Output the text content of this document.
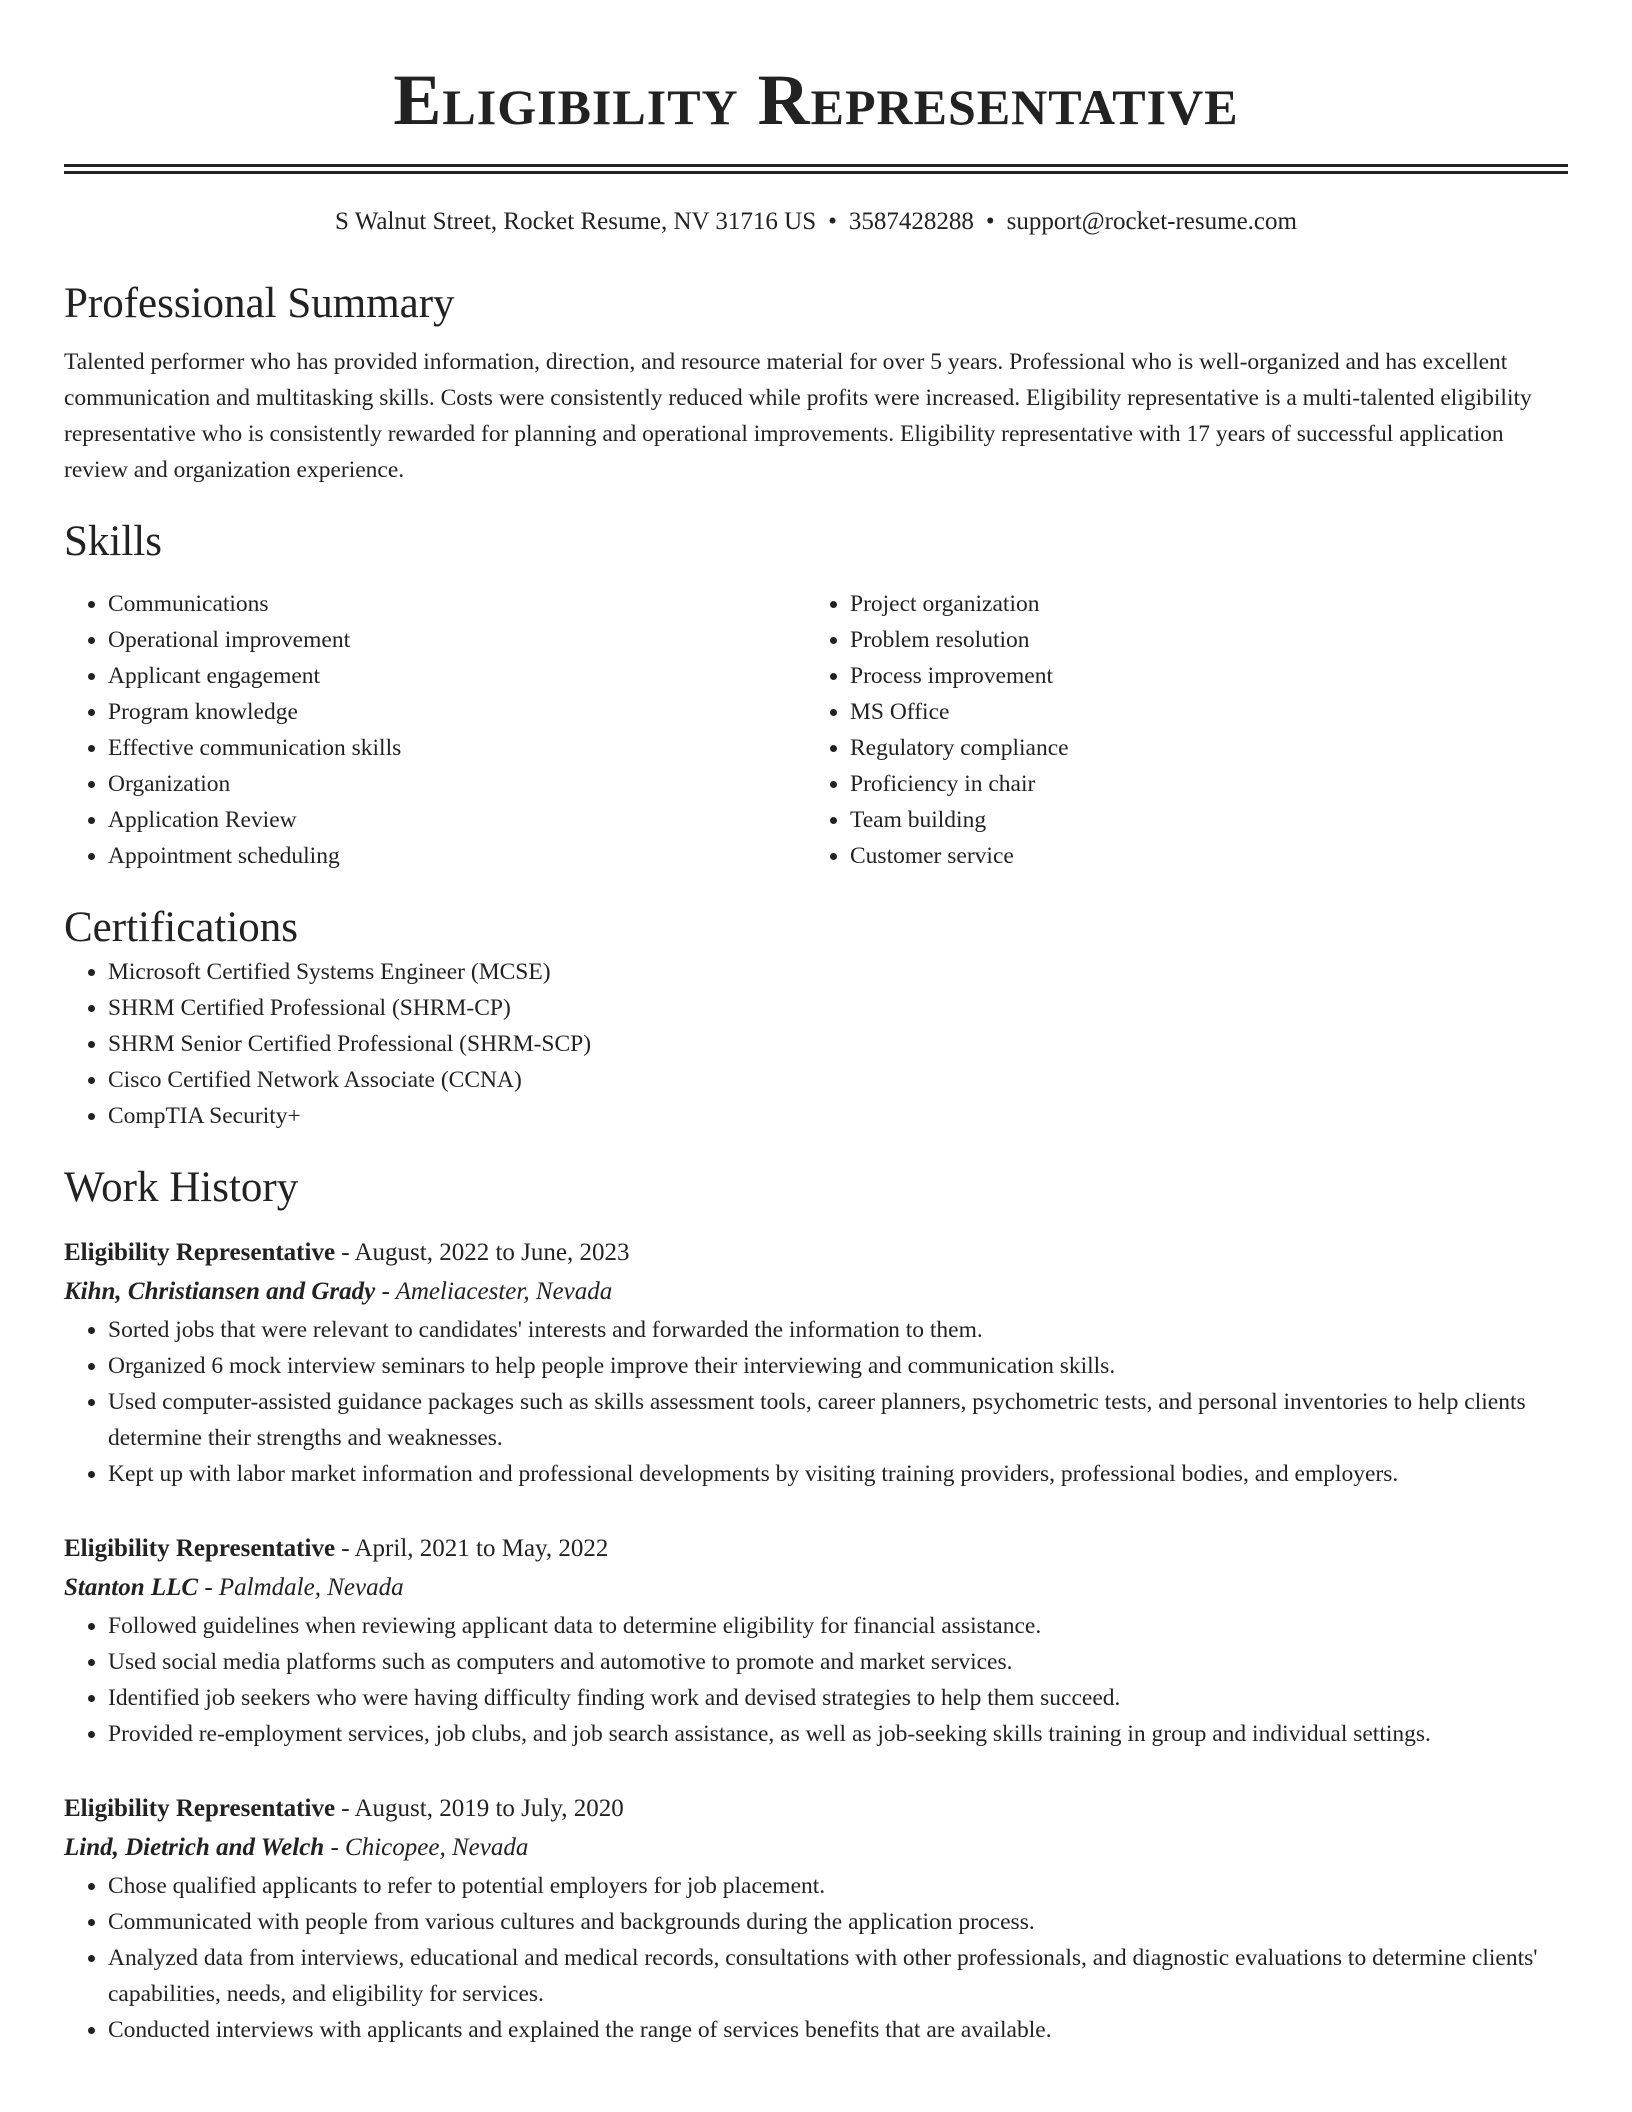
Eligibility Representative
S Walnut Street, Rocket Resume, NV 31716 US • 3587428288 • support@rocket-resume.com
Professional Summary
Talented performer who has provided information, direction, and resource material for over 5 years. Professional who is well-organized and has excellent communication and multitasking skills. Costs were consistently reduced while profits were increased. Eligibility representative is a multi-talented eligibility representative who is consistently rewarded for planning and operational improvements. Eligibility representative with 17 years of successful application review and organization experience.
Skills
• Communications
• Operational improvement
• Applicant engagement
• Program knowledge
• Effective communication skills
• Organization
• Application Review
• Appointment scheduling
• Project organization
• Problem resolution
• Process improvement
• MS Office
• Regulatory compliance
• Proficiency in chair
• Team building
• Customer service
Certifications
• Microsoft Certified Systems Engineer (MCSE)
• SHRM Certified Professional (SHRM-CP)
• SHRM Senior Certified Professional (SHRM-SCP)
• Cisco Certified Network Associate (CCNA)
• CompTIA Security+
Work History
Eligibility Representative - August, 2022 to June, 2023
Kihn, Christiansen and Grady - Ameliacester, Nevada
• Sorted jobs that were relevant to candidates' interests and forwarded the information to them.
• Organized 6 mock interview seminars to help people improve their interviewing and communication skills.
• Used computer-assisted guidance packages such as skills assessment tools, career planners, psychometric tests, and personal inventories to help clients determine their strengths and weaknesses.
• Kept up with labor market information and professional developments by visiting training providers, professional bodies, and employers.
Eligibility Representative - April, 2021 to May, 2022
Stanton LLC - Palmdale, Nevada
• Followed guidelines when reviewing applicant data to determine eligibility for financial assistance.
• Used social media platforms such as computers and automotive to promote and market services.
• Identified job seekers who were having difficulty finding work and devised strategies to help them succeed.
• Provided re-employment services, job clubs, and job search assistance, as well as job-seeking skills training in group and individual settings.
Eligibility Representative - August, 2019 to July, 2020
Lind, Dietrich and Welch - Chicopee, Nevada
• Chose qualified applicants to refer to potential employers for job placement.
• Communicated with people from various cultures and backgrounds during the application process.
• Analyzed data from interviews, educational and medical records, consultations with other professionals, and diagnostic evaluations to determine clients' capabilities, needs, and eligibility for services.
• Conducted interviews with applicants and explained the range of services benefits that are available.
